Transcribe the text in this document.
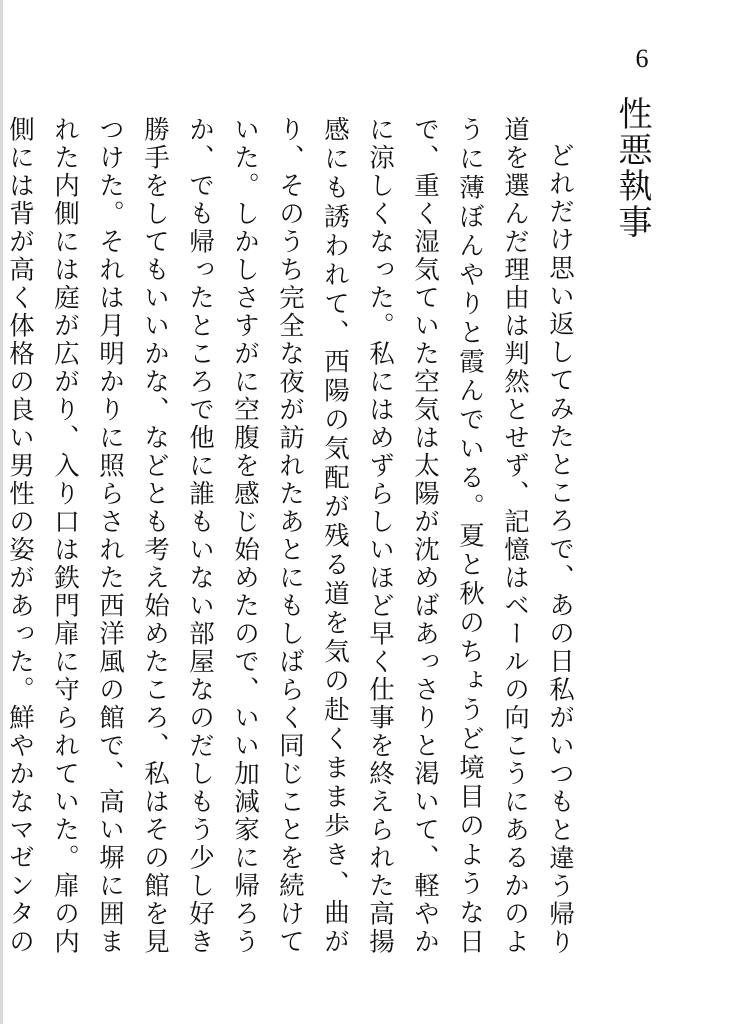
6
性悪執事

どれだけ思い返してみたところで、あの日私がいつもと違う帰り道を選んだ理由は判然とせず、記憶はベールの向こうにあるかのように薄ぼんやりと霞んでいる。夏と秋のちょうど境目のような日で、重く湿気ていた空気は太陽が沈めばあっさりと渇いて、軽やかに涼しくなった。私にはめずらしいほど早く仕事を終えられた高揚感にも誘われて、西陽の気配が残る道を気の赴くまま歩き、曲がり、そのうち完全な夜が訪れたあとにもしばらく同じことを続けていた。しかしさすがに空腹を感じ始めたので、いい加減家に帰ろうか、でも帰ったところで他に誰もいない部屋なのだしもう少し好き勝手をしてもいいかな、などとも考え始めたころ、私はその館を見つけた。それは月明かりに照らされた西洋風の館で、高い塀に囲まれた内側には庭が広がり、入り口は鉄門扉に守られていた。扉の内側には背が高く体格の良い男性の姿があった。鮮やかなマゼンタの
